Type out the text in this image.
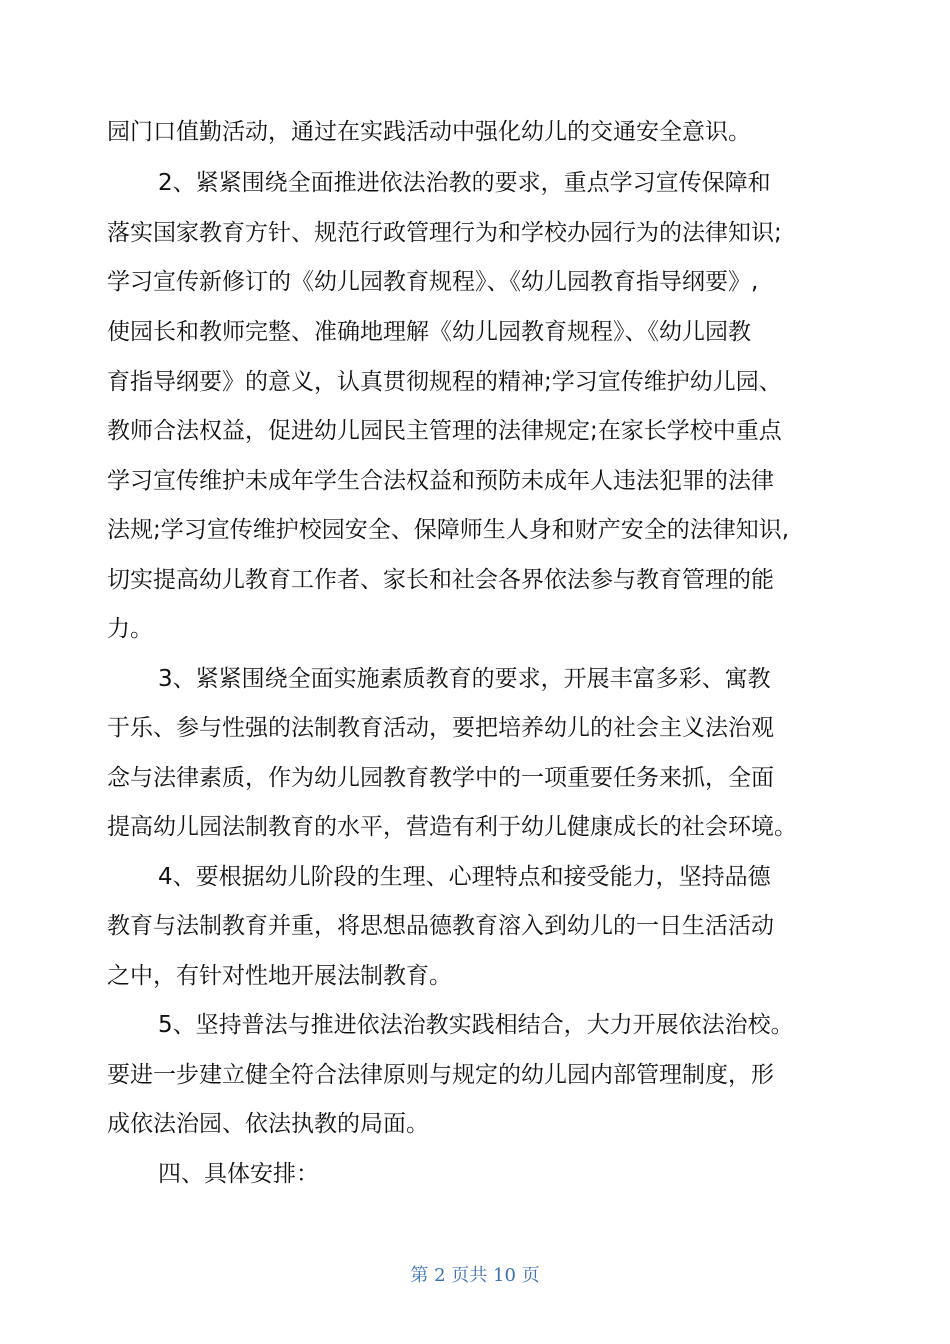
园门口值勤活动，通过在实践活动中强化幼儿的交通安全意识。
2、紧紧围绕全面推进依法治教的要求，重点学习宣传保障和
落实国家教育方针、规范行政管理行为和学校办园行为的法律知识;
学习宣传新修订的《幼儿园教育规程》、《幼儿园教育指导纲要》,
使园长和教师完整、准确地理解《幼儿园教育规程》、《幼儿园教
育指导纲要》的意义，认真贯彻规程的精神;学习宣传维护幼儿园、
教师合法权益，促进幼儿园民主管理的法律规定;在家长学校中重点
学习宣传维护未成年学生合法权益和预防未成年人违法犯罪的法律
法规;学习宣传维护校园安全、保障师生人身和财产安全的法律知识,
切实提高幼儿教育工作者、家长和社会各界依法参与教育管理的能
力。
3、紧紧围绕全面实施素质教育的要求，开展丰富多彩、寓教
于乐、参与性强的法制教育活动，要把培养幼儿的社会主义法治观
念与法律素质，作为幼儿园教育教学中的一项重要任务来抓，全面
提高幼儿园法制教育的水平，营造有利于幼儿健康成长的社会环境。
4、要根据幼儿阶段的生理、心理特点和接受能力，坚持品德
教育与法制教育并重，将思想品德教育溶入到幼儿的一日生活活动
之中，有针对性地开展法制教育。
5、坚持普法与推进依法治教实践相结合，大力开展依法治校。
要进一步建立健全符合法律原则与规定的幼儿园内部管理制度，形
成依法治园、依法执教的局面。
四、具体安排：
第 2 页共 10 页
